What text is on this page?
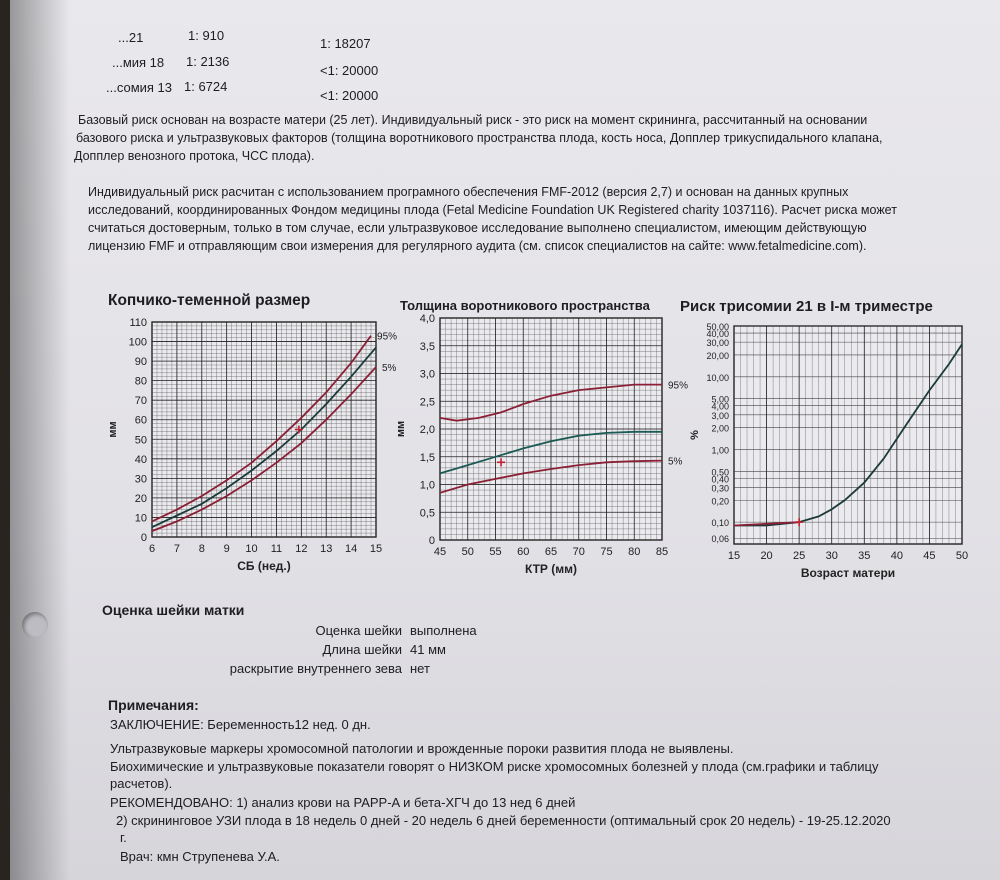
...21	1: 910
1: 18207
...мия 18 1: 2136
<1: 20000
...сомия 13 1: 6724
<1: 20000
Базовый риск основан на возрасте матери (25 лет). Индивидуальный риск - это риск на момент скрининга, рассчитанный на основании
базового риска и ультразвуковых факторов (толщина воротникового пространства плода, кость носа, Допплер трикуспидального клапана,
Допплер венозного протока, ЧСС плода).
Индивидуальный риск расчитан с использованием програмного обеспечения FMF-2012 (версия 2,7) и основан на данных крупных
исследований, координированных Фондом медицины плода (Fetal Medicine Foundation UK Registered charity 1037116). Расчет риска может
считаться достоверным, только в том случае, если ультразвуковое исследование выполнено специалистом, имеющим действующую
лицензию FMF и отправляющим свои измерения для регулярного аудита (см. список специалистов на сайте: www.fetalmedicine.com).
Копчико-теменной размер	Толщина воротникового пространства Риск трисомии 21 в I-м триместре
6 7 8 9 10 11 12 13 14 15
0
10
20
30
40
50
60
70
80
90
100
110
95%
5%
СБ (нед.)
мм
45 50 55 60 65 70 75 80 85
0
0,5
1,0
1,5
2,0
2,5
3,0
3,5
4,0
95%
5%
КТР (мм)
мм
15 20 25 30 35 40 45 50
0,06
0,10
0,20
0,30
0,40
0,50
1,00
2,00
3,00
4,00
5,00
10,00
20,00
30,00
40,00
50,00
Возраст матери
%
Оценка шейки матки
Оценка шейки выполнена
Длина шейки 41 мм
раскрытие внутреннего зева нет
Примечания:
ЗАКЛЮЧЕНИЕ: Беременность12 нед. 0 дн.
Ультразвуковые маркеры хромосомной патологии и врожденные пороки развития плода не выявлены.
Биохимические и ультразвуковые показатели говорят о НИЗКОМ риске хромосомных болезней у плода (см.графики и таблицу
расчетов).
РЕКОМЕНДОВАНО: 1) анализ крови на PAPP-A и бета-ХГЧ до 13 нед 6 дней
2) скрининговое УЗИ плода в 18 недель 0 дней - 20 недель 6 дней беременности (оптимальный срок 20 недель) - 19-25.12.2020
г.
Врач: кмн Струпенева У.А.
